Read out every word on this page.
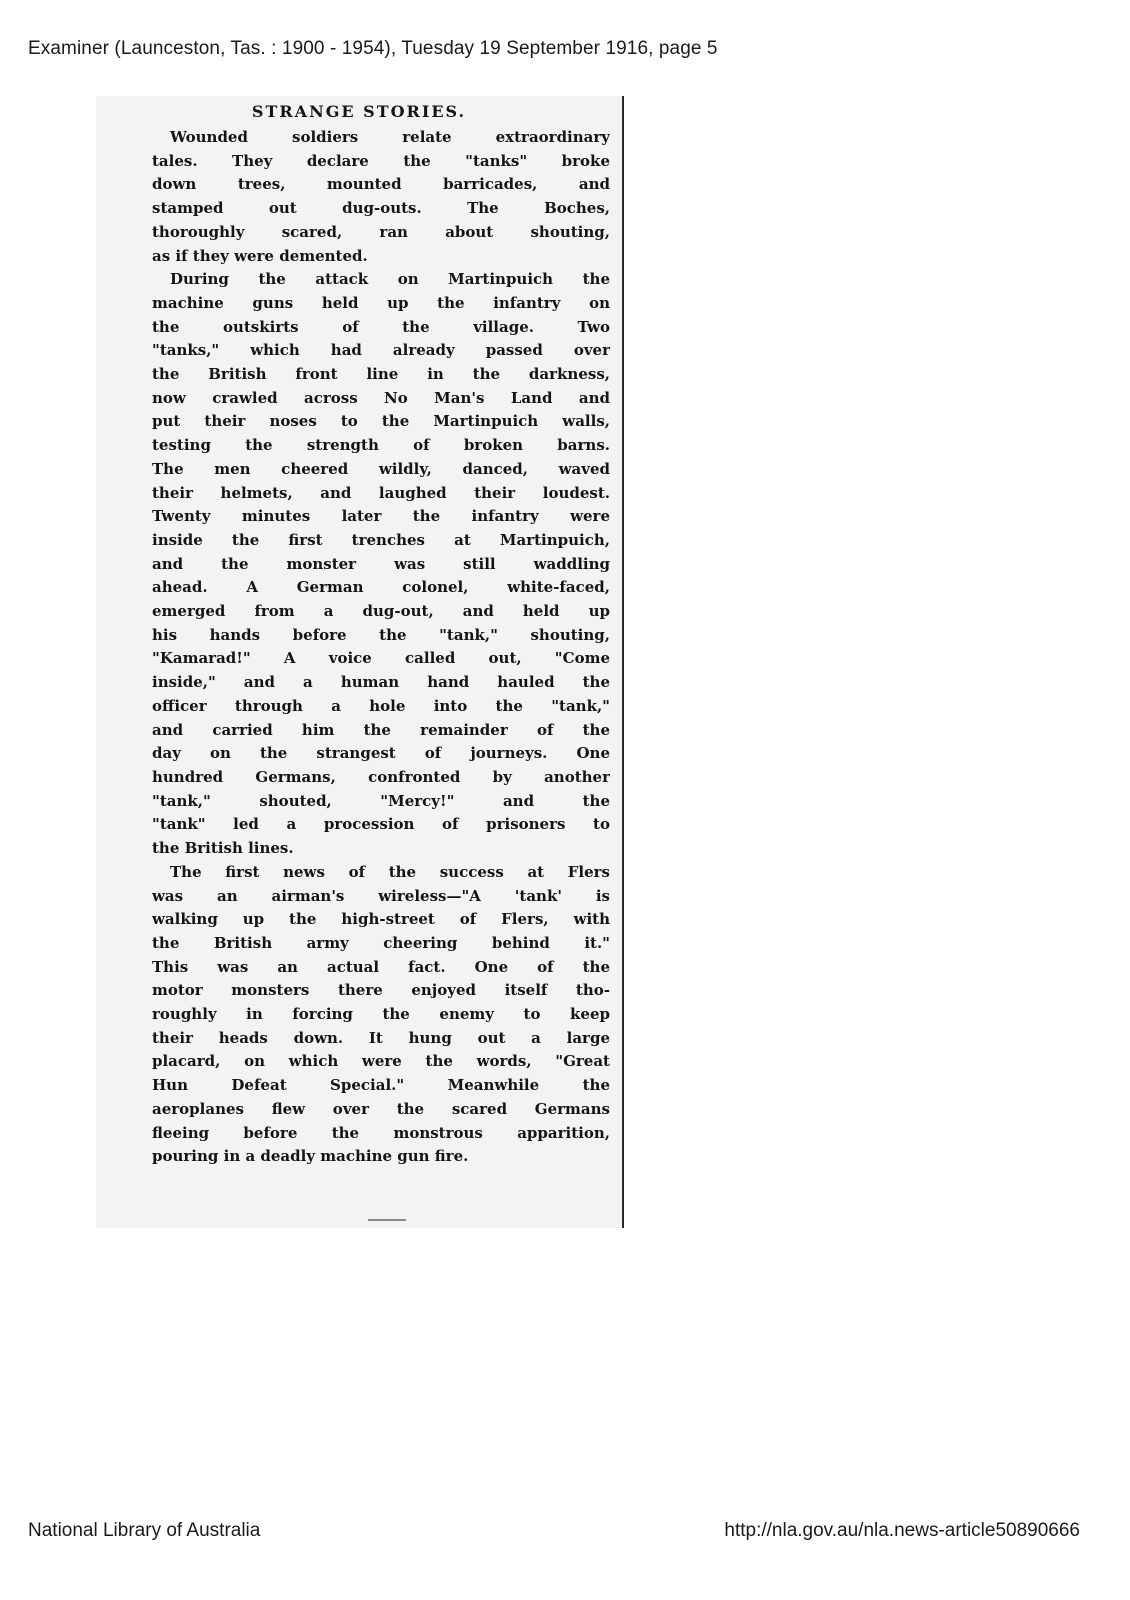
Examiner (Launceston, Tas. : 1900 - 1954), Tuesday 19 September 1916, page 5
STRANGE STORIES.
Wounded soldiers relate extraordinary
tales. They declare the "tanks" broke
down trees, mounted barricades, and
stamped out dug-outs. The Boches,
thoroughly scared, ran about shouting,
as if they were demented.
During the attack on Martinpuich the
machine guns held up the infantry on
the outskirts of the village. Two
"tanks," which had already passed over
the British front line in the darkness,
now crawled across No Man's Land and
put their noses to the Martinpuich walls,
testing the strength of broken barns.
The men cheered wildly, danced, waved
their helmets, and laughed their loudest.
Twenty minutes later the infantry were
inside the first trenches at Martinpuich,
and the monster was still waddling
ahead. A German colonel, white-faced,
emerged from a dug-out, and held up
his hands before the "tank," shouting,
"Kamarad!" A voice called out, "Come
inside," and a human hand hauled the
officer through a hole into the "tank,"
and carried him the remainder of the
day on the strangest of journeys. One
hundred Germans, confronted by another
"tank," shouted, "Mercy!" and the
"tank" led a procession of prisoners to
the British lines.
The first news of the success at Flers
was an airman's wireless—"A 'tank' is
walking up the high-street of Flers, with
the British army cheering behind it."
This was an actual fact. One of the
motor monsters there enjoyed itself tho-
roughly in forcing the enemy to keep
their heads down. It hung out a large
placard, on which were the words, "Great
Hun Defeat Special." Meanwhile the
aeroplanes flew over the scared Germans
fleeing before the monstrous apparition,
pouring in a deadly machine gun fire.
National Library of Australia	http://nla.gov.au/nla.news-article50890666
